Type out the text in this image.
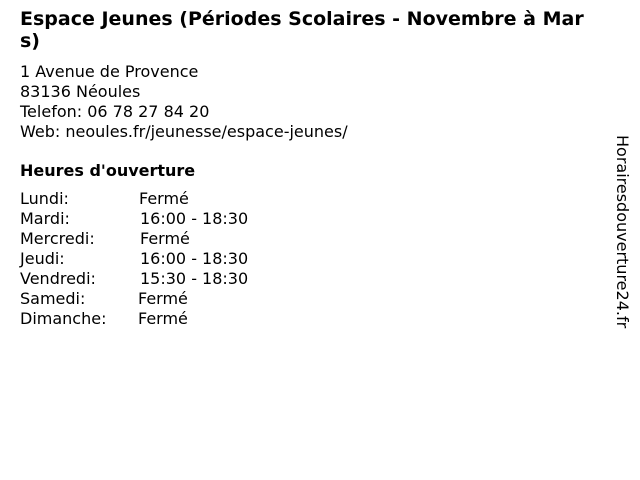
Espace Jeunes (Périodes Scolaires - Novembre à Mars)
1 Avenue de Provence
83136 Néoules
Telefon: 06 78 27 84 20
Web: neoules.fr/jeunesse/espace-jeunes/
Heures d'ouverture
Lundi:	Fermé
Mardi:	16:00 - 18:30
Mercredi:	Fermé
Jeudi:	16:00 - 18:30
Vendredi:	15:30 - 18:30
Samedi:	Fermé
Dimanche:	Fermé	Horairesdouverture24.fr
